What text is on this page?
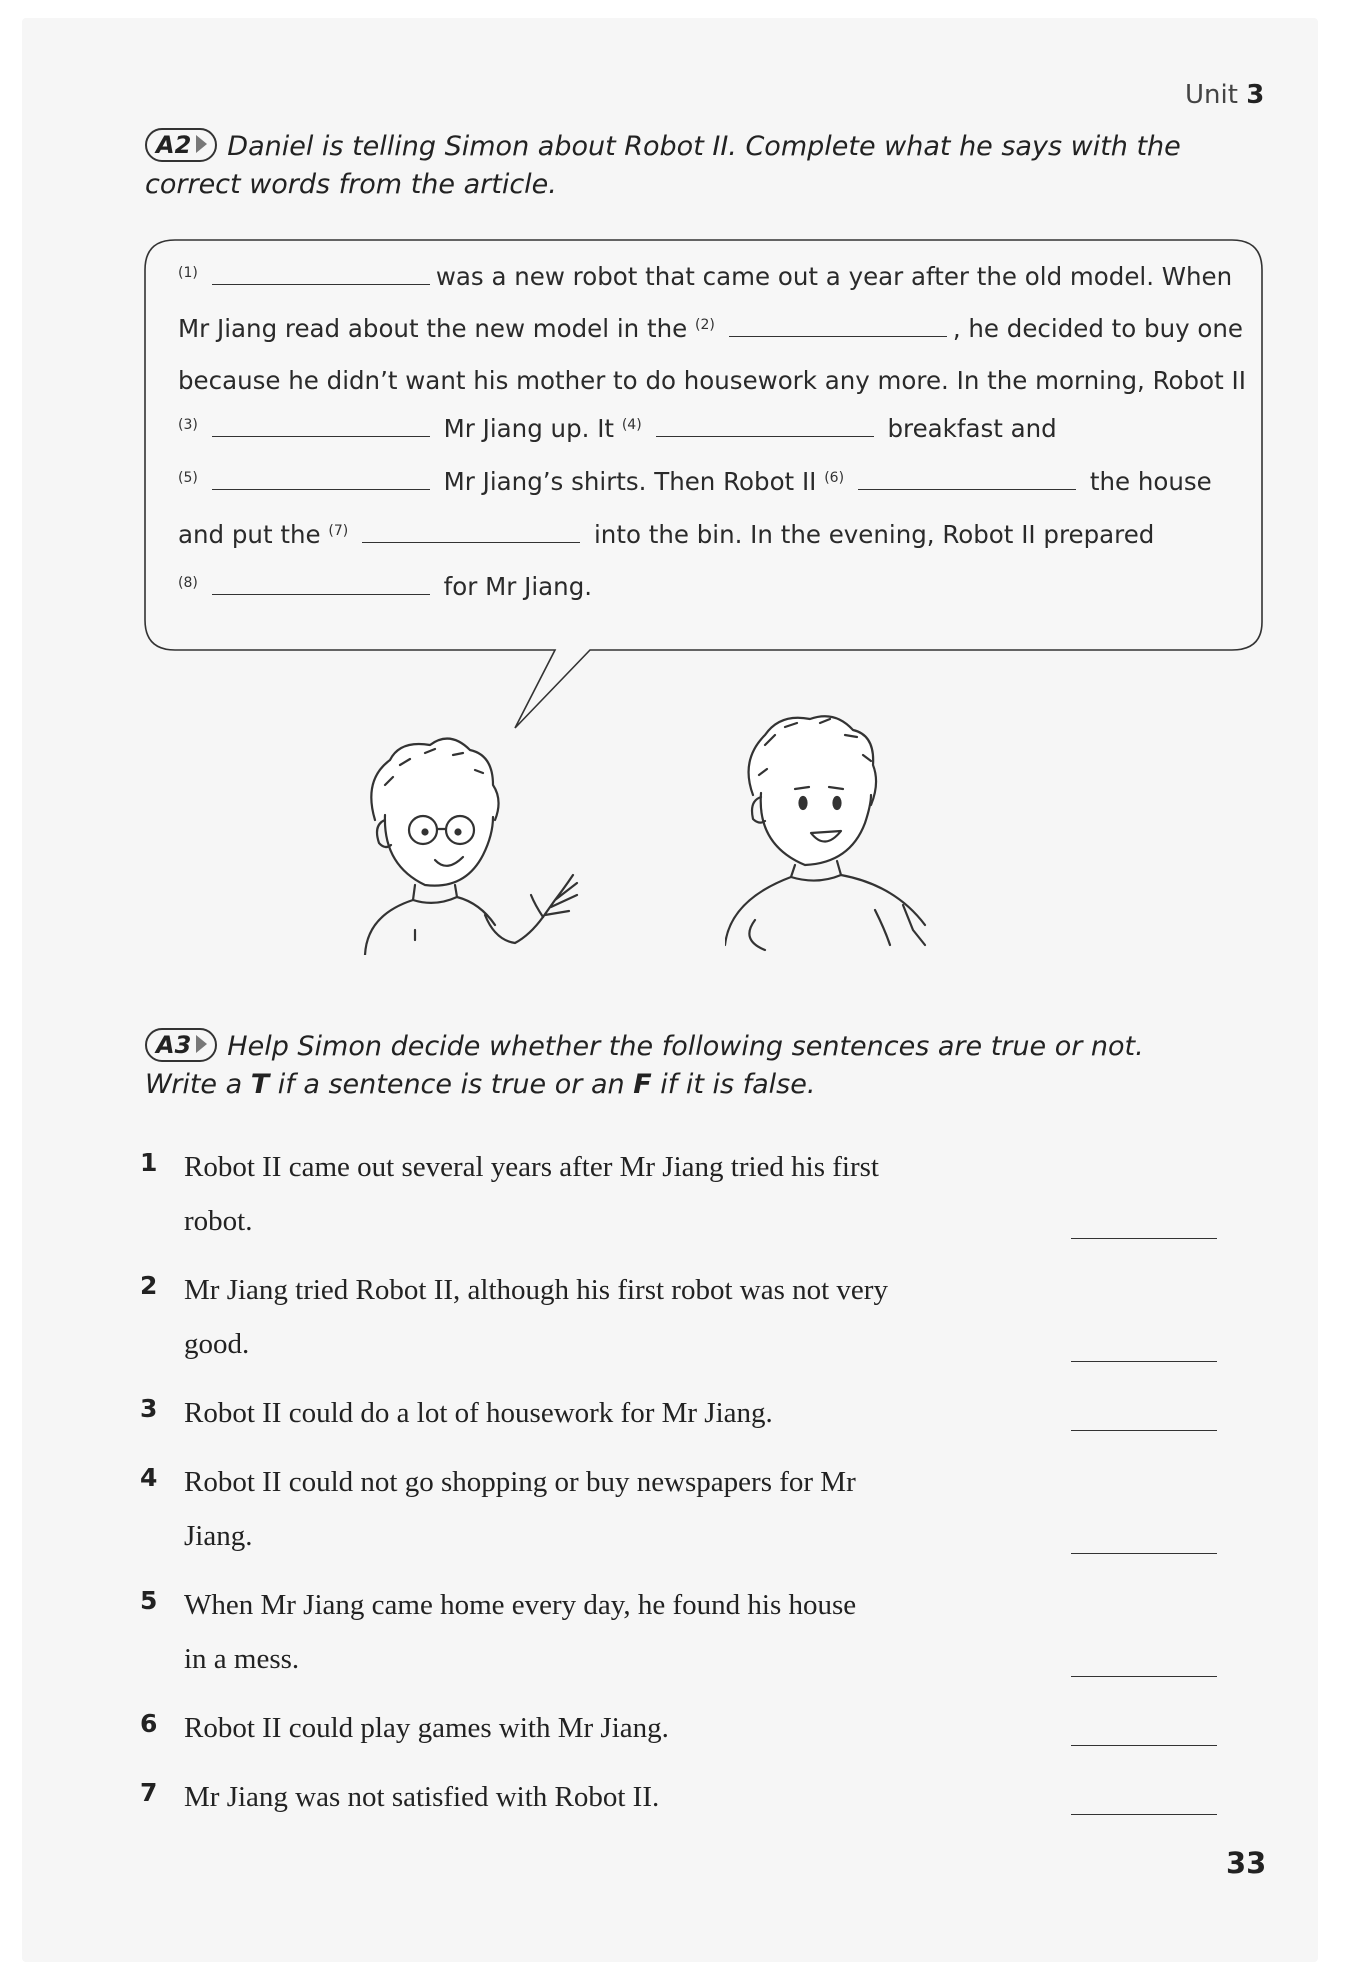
Unit 3
A2 Daniel is telling Simon about Robot II. Complete what he says with the correct words from the article.
$^{(1)}$	was a new robot that came out a year after the old model. When
Mr Jiang read about the new model in the $^{(2)}$	, he decided to buy one
because he didn’t want his mother to do housework any more. In the morning, Robot II
$^{(3)}$	Mr Jiang up. It $^{(4)}$	breakfast and
$^{(5)}$	Mr Jiang’s shirts. Then Robot II $^{(6)}$	the house
and put the $^{(7)}$	into the bin. In the evening, Robot II prepared
$^{(8)}$	for Mr Jiang.
A3 Help Simon decide whether the following sentences are true or not. Write a T if a sentence is true or an F if it is false.
1 Robot II came out several years after Mr Jiang tried his first robot.
2 Mr Jiang tried Robot II, although his first robot was not very good.
3 Robot II could do a lot of housework for Mr Jiang.
4 Robot II could not go shopping or buy newspapers for Mr Jiang.
5 When Mr Jiang came home every day, he found his house in a mess.
6 Robot II could play games with Mr Jiang.
7 Mr Jiang was not satisfied with Robot II.
33
